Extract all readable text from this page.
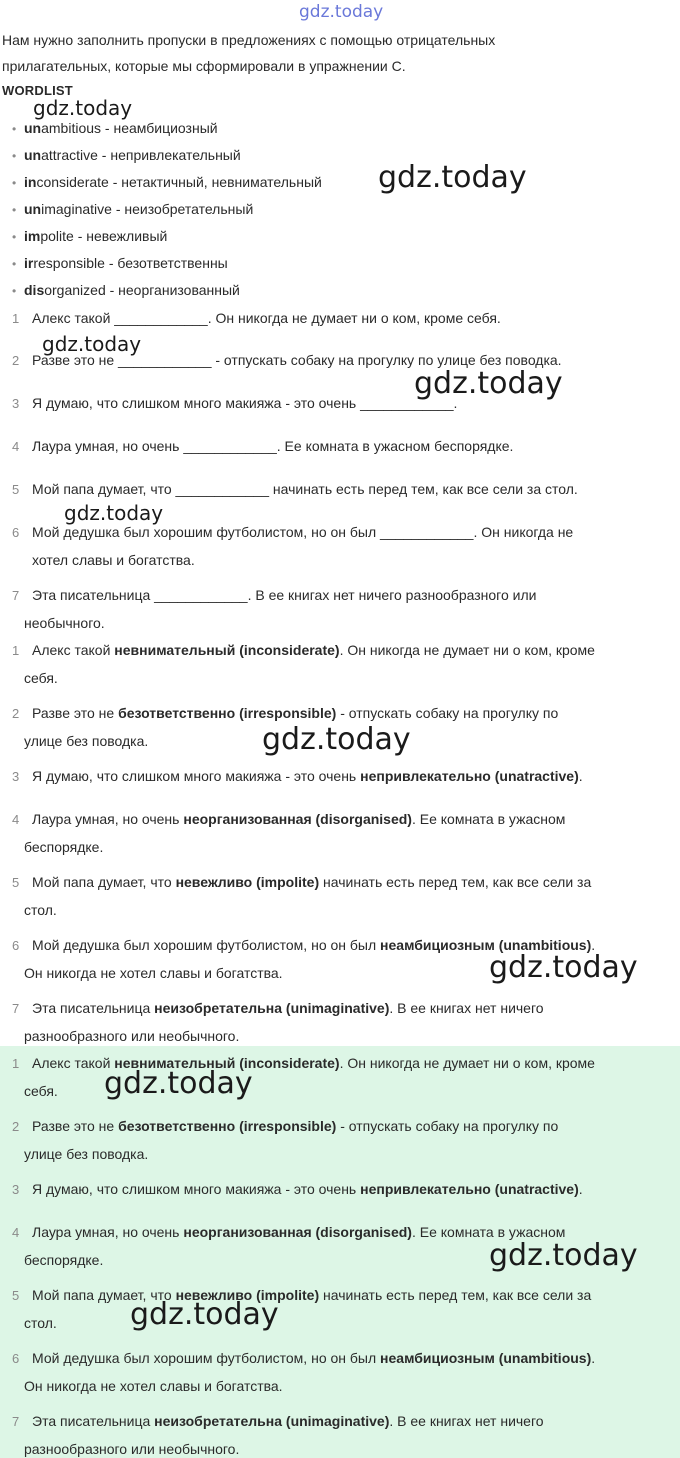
gdz.today
Нам нужно заполнить пропуски в предложениях с помощью отрицательных
прилагательных, которые мы сформировали в упражнении С.
WORDLIST
gdz.today
• unambitious - неамбициозный
• unattractive - непривлекательный
• inconsiderate - нетактичный, невнимательный
• unimaginative - неизобретательный
• impolite - невежливый
• irresponsible - безответственны
• disorganized - неорганизованный
gdz.today
1 Алекс такой ____________. Он никогда не думает ни о ком, кроме себя.
gdz.today
2 Разве это не ____________ - отпускать собаку на прогулку по улице без поводка.
gdz.today
3 Я думаю, что слишком много макияжа - это очень ____________.
4 Лаура умная, но очень ____________. Ее комната в ужасном беспорядке.
5 Мой папа думает, что ____________ начинать есть перед тем, как все сели за стол.
gdz.today
6 Мой дедушка был хорошим футболистом, но он был ____________. Он никогда не
хотел славы и богатства.
7 Эта писательница ____________. В ее книгах нет ничего разнообразного или
необычного.
1 Алекс такой невнимательный (inconsiderate). Он никогда не думает ни о ком, кроме
себя.
2 Разве это не безответственно (irresponsible) - отпускать собаку на прогулку по
улице без поводка.	gdz.today
3 Я думаю, что слишком много макияжа - это очень непривлекательно (unatractive).
4 Лаура умная, но очень неорганизованная (disorganised). Ее комната в ужасном
беспорядке.
5 Мой папа думает, что невежливо (impolite) начинать есть перед тем, как все сели за
стол.
6 Мой дедушка был хорошим футболистом, но он был неамбициозным (unambitious).
Он никогда не хотел славы и богатства.	gdz.today
7 Эта писательница неизобретательна (unimaginative). В ее книгах нет ничего
разнообразного или необычного.
1 Алекс такой невнимательный (inconsiderate). Он никогда не думает ни о ком, кроме
себя. gdz.today
2 Разве это не безответственно (irresponsible) - отпускать собаку на прогулку по
улице без поводка.
3 Я думаю, что слишком много макияжа - это очень непривлекательно (unatractive).
4 Лаура умная, но очень неорганизованная (disorganised). Ее комната в ужасном
беспорядке.	gdz.today
5 Мой папа думает, что невежливо (impolite) начинать есть перед тем, как все сели за
стол. gdz.today
6 Мой дедушка был хорошим футболистом, но он был неамбициозным (unambitious).
Он никогда не хотел славы и богатства.
7 Эта писательница неизобретательна (unimaginative). В ее книгах нет ничего
разнообразного или необычного.
